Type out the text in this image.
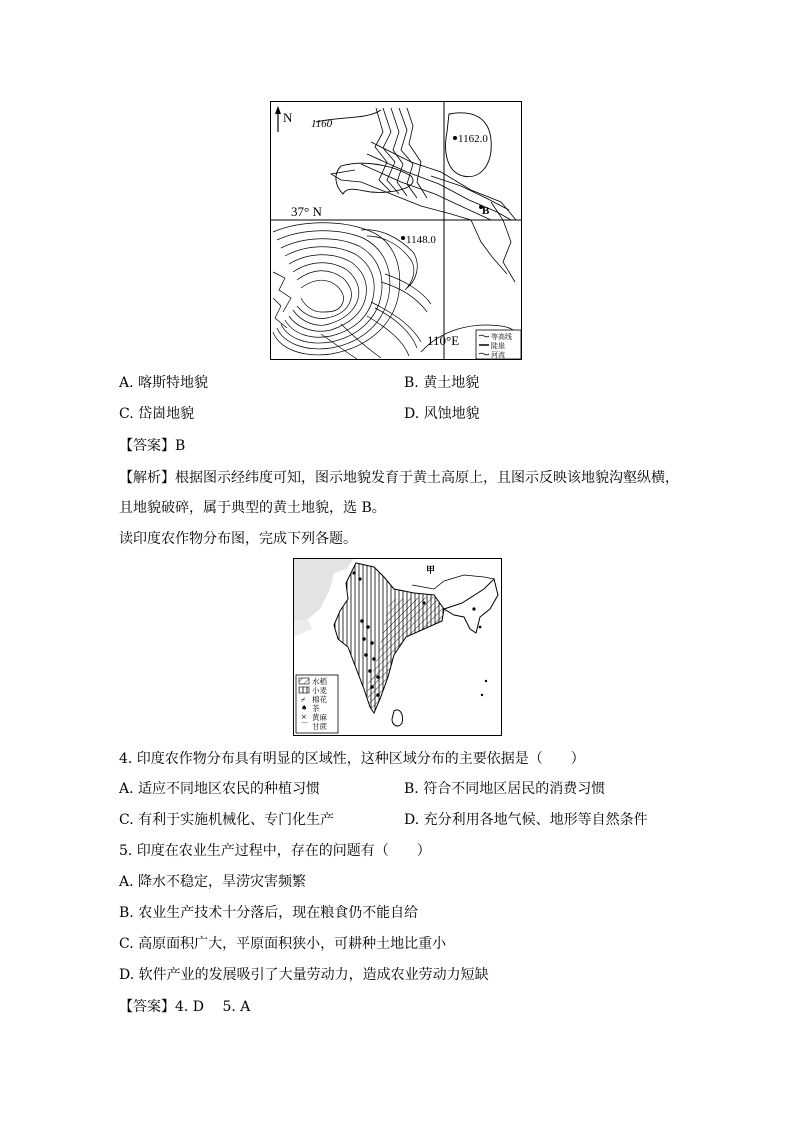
N 1160
1162.0
37° N	B
1148.0
110°E	等高线
陡崖
河流
A. 喀斯特地貌	B. 黄土地貌
C. 岱崮地貌	D. 风蚀地貌
【答案】B
【解析】根据图示经纬度可知，图示地貌发育于黄土高原上，且图示反映该地貌沟壑纵横，
且地貌破碎，属于典型的黄土地貌，选 B。
读印度农作物分布图，完成下列各题。
甲
⌿
♠
×
⌒
水稻
小麦
棉花
茶
黄麻
甘蔗
4. 印度农作物分布具有明显的区域性，这种区域分布的主要依据是（　　）
A. 适应不同地区农民的种植习惯	B. 符合不同地区居民的消费习惯
C. 有利于实施机械化、专门化生产	D. 充分利用各地气候、地形等自然条件
5. 印度在农业生产过程中，存在的问题有（　　）
A. 降水不稳定，旱涝灾害频繁
B. 农业生产技术十分落后，现在粮食仍不能自给
C. 高原面积广大，平原面积狭小，可耕种土地比重小
D. 软件产业的发展吸引了大量劳动力，造成农业劳动力短缺
【答案】4. D　 5. A
